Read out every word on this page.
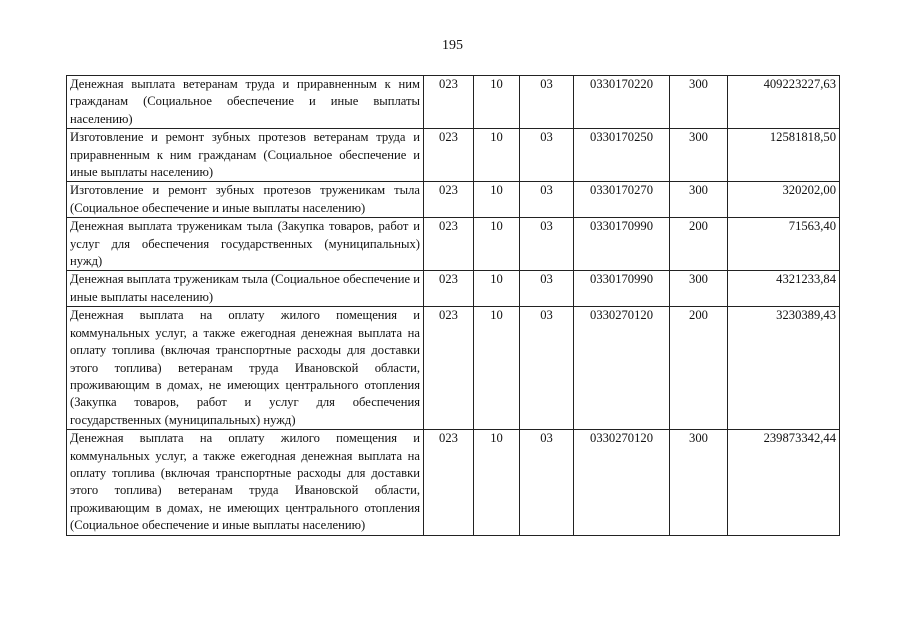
195
Денежная выплата ветеранам труда и приравненным к ним гражданам (Социальное обеспечение и иные выплаты населению)	023	10	03	0330170220	300	409223227,63
Изготовление и ремонт зубных протезов ветеранам труда и приравненным к ним гражданам (Социальное обеспечение и иные выплаты населению)	023	10	03	0330170250	300	12581818,50
Изготовление и ремонт зубных протезов труженикам тыла (Социальное обеспечение и иные выплаты населению)	023	10	03	0330170270	300	320202,00
Денежная выплата труженикам тыла (Закупка товаров, работ и услуг для обеспечения государственных (муниципальных) нужд)	023	10	03	0330170990	200	71563,40
Денежная выплата труженикам тыла (Социальное обеспечение и иные выплаты населению)	023	10	03	0330170990	300	4321233,84
Денежная выплата на оплату жилого помещения и коммунальных услуг, а также ежегодная денежная выплата на оплату топлива (включая транспортные расходы для доставки этого топлива) ветеранам труда Ивановской области, проживающим в домах, не имеющих центрального отопления (Закупка товаров, работ и услуг для обеспечения государственных (муниципальных) нужд)	023	10	03	0330270120	200	3230389,43
Денежная выплата на оплату жилого помещения и коммунальных услуг, а также ежегодная денежная выплата на оплату топлива (включая транспортные расходы для доставки этого топлива) ветеранам труда Ивановской области, проживающим в домах, не имеющих центрального отопления (Социальное обеспечение и иные выплаты населению)	023	10	03	0330270120	300	239873342,44
